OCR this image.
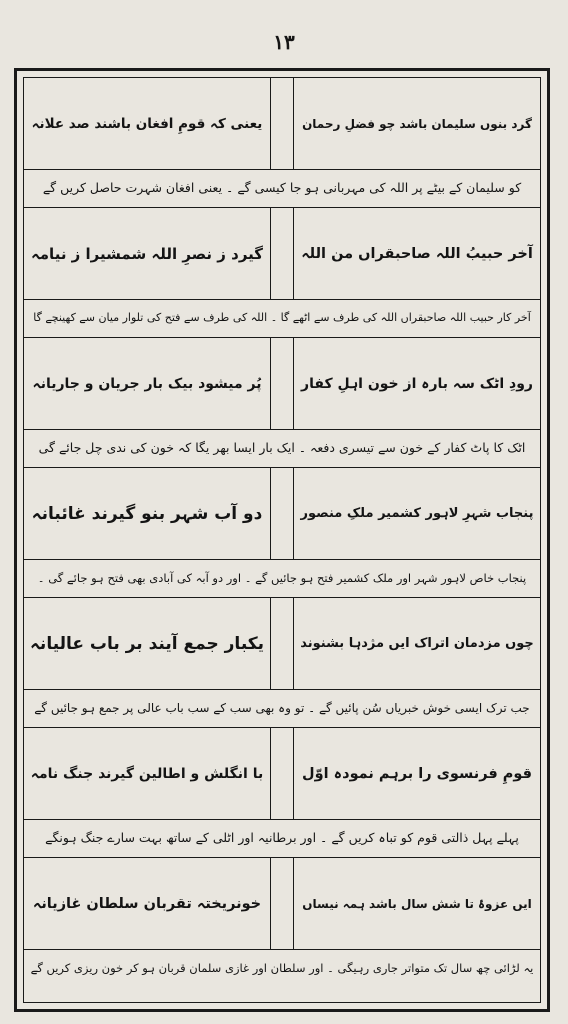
۱۳
گرد بنوں سلیمان باشد چو فضلِ رحمان
یعنی کہ قومِ افغان باشند صد علانہ
کو سلیمان کے بیٹے پر اللہ کی مہربانی ہو جا کیسی گے ۔ یعنی افغان شہرت حاصل کریں گے
آخر حبیبُ اللہ صاحبقراں من اللہ
گیرد ز نصرِ اللہ شمشیرا ز نیامہ
آخر کار حبیب اللہ صاحبقراں اللہ کی طرف سے اٹھے گا ۔ اللہ کی طرف سے فتح کی تلوار میان سے کھینچے گا
رودِ اٹک سہ بارہ از خون اہلِ کفار
پُر میشود بیک بار جریان و جاریانہ
اٹک کا پاٹ کفار کے خون سے تیسری دفعہ ۔ ایک بار ایسا بھر یگا کہ خون کی ندی چل جائے گی
پنجاب شہرِ لاہور کشمیر ملکِ منصور
دو آب شہر بنو گیرند غائبانہ
پنجاب خاص لاہور شہر اور ملک کشمیر فتح ہو جائیں گے ۔ اور دو آبہ کی آبادی بھی فتح ہو جائے گی ۔
چوں مزدمان اتراک ایں مژدہا بشنوند
یکبار جمع آیند بر باب عالیانہ
جب ترک ایسی خوش خبریاں سُن پائیں گے ۔ تو وہ بھی سب کے سب باب عالی پر جمع ہو جائیں گے
قومِ فرنسوی را برہم نمودہ اوّل
با انگلش و اطالین گیرند جنگ نامہ
پہلے پہل ذالتی قوم کو تباہ کریں گے ۔ اور برطانیہ اور اٹلی کے ساتھ بہت سارے جنگ ہونگے
ایں عزوۂ تا شش سال باشد ہمہ نیساں
خونریختہ تقربان سلطان غازیانہ
یہ لڑائی چھ سال تک متواتر جاری رہیگی ۔ اور سلطان اور غازی سلمان قربان ہو کر خون ریزی کریں گے
